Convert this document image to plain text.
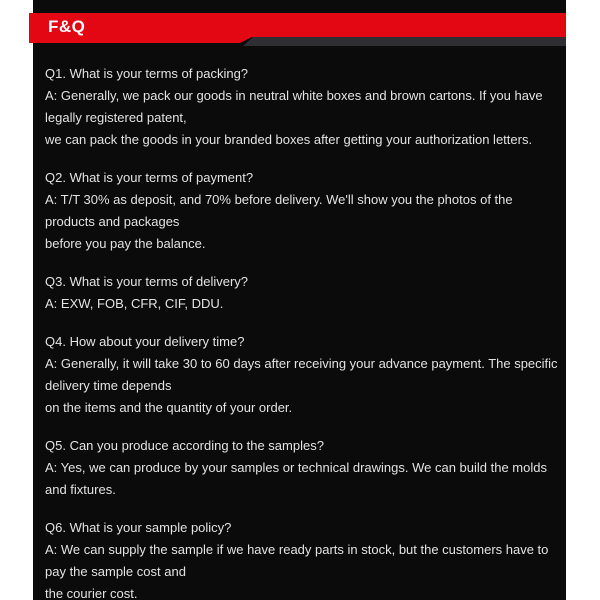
F&Q
Q1. What is your terms of packing?
A: Generally, we pack our goods in neutral white boxes and brown cartons. If you have
legally registered patent,
we can pack the goods in your branded boxes after getting your authorization letters.
Q2. What is your terms of payment?
A: T/T 30% as deposit, and 70% before delivery. We'll show you the photos of the
products and packages
before you pay the balance.
Q3. What is your terms of delivery?
A: EXW, FOB, CFR, CIF, DDU.
Q4. How about your delivery time?
A: Generally, it will take 30 to 60 days after receiving your advance payment. The specific
delivery time depends
on the items and the quantity of your order.
Q5. Can you produce according to the samples?
A: Yes, we can produce by your samples or technical drawings. We can build the molds
and fixtures.
Q6. What is your sample policy?
A: We can supply the sample if we have ready parts in stock, but the customers have to
pay the sample cost and
the courier cost.
